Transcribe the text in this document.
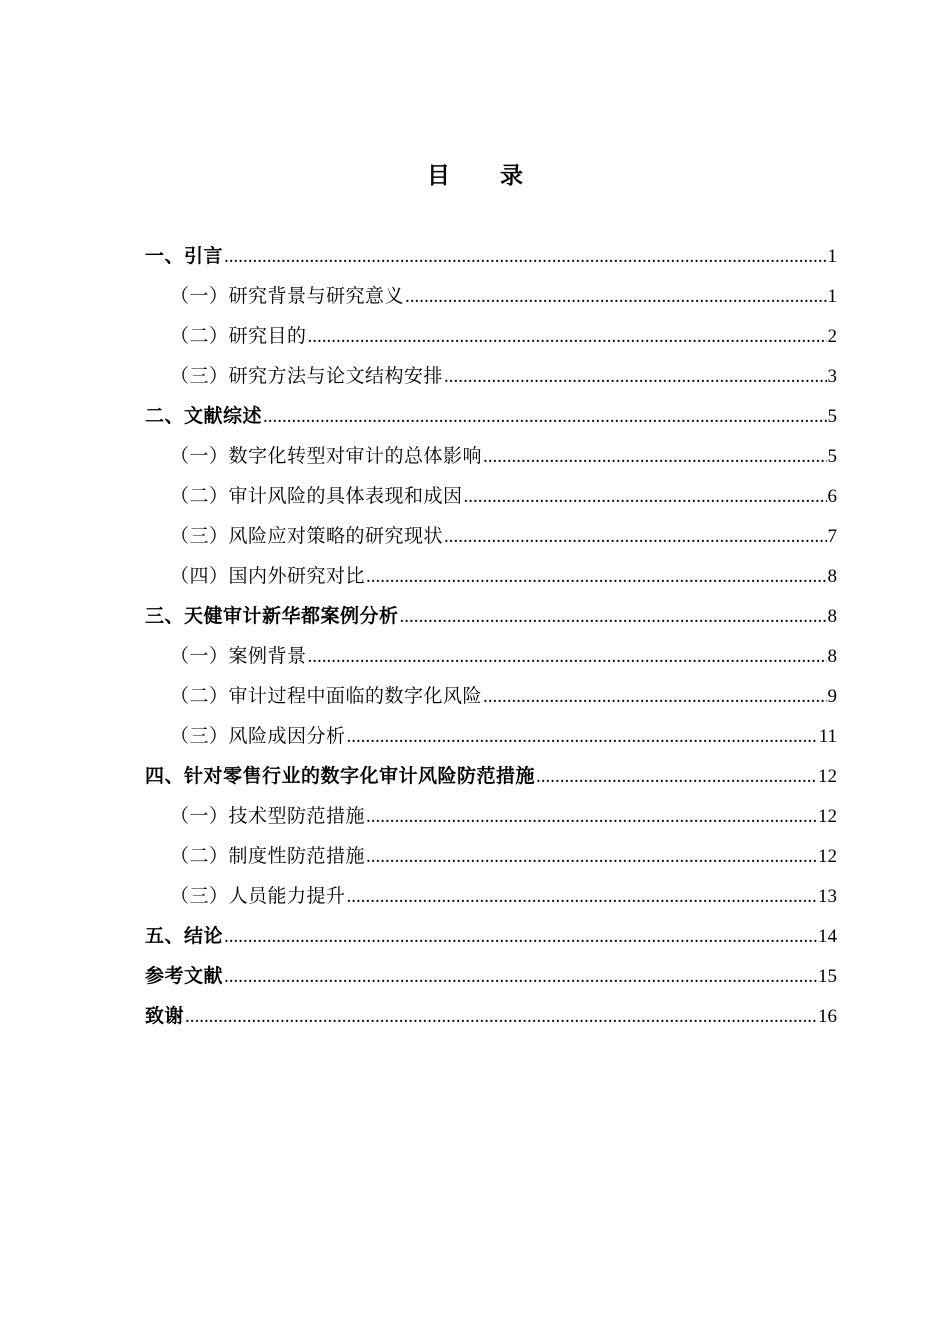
目 录
一、引言 .....	1
（一）研究背景与研究意义 .....	1
（二）研究目的 .....	2
（三）研究方法与论文结构安排 .....	3
二、文献综述 .....	5
（一）数字化转型对审计的总体影响 .....	5
（二）审计风险的具体表现和成因 .....	6
（三）风险应对策略的研究现状 .....	7
（四）国内外研究对比 .....	8
三、天健审计新华都案例分析 .....	8
（一）案例背景 .....	8
（二）审计过程中面临的数字化风险 .....	9
（三）风险成因分析 .....	11
四、针对零售行业的数字化审计风险防范措施 .....	12
（一）技术型防范措施 .....	12
（二）制度性防范措施 .....	12
（三）人员能力提升 .....	13
五、结论 .....	14
参考文献 .....	15
致谢 .....	16
